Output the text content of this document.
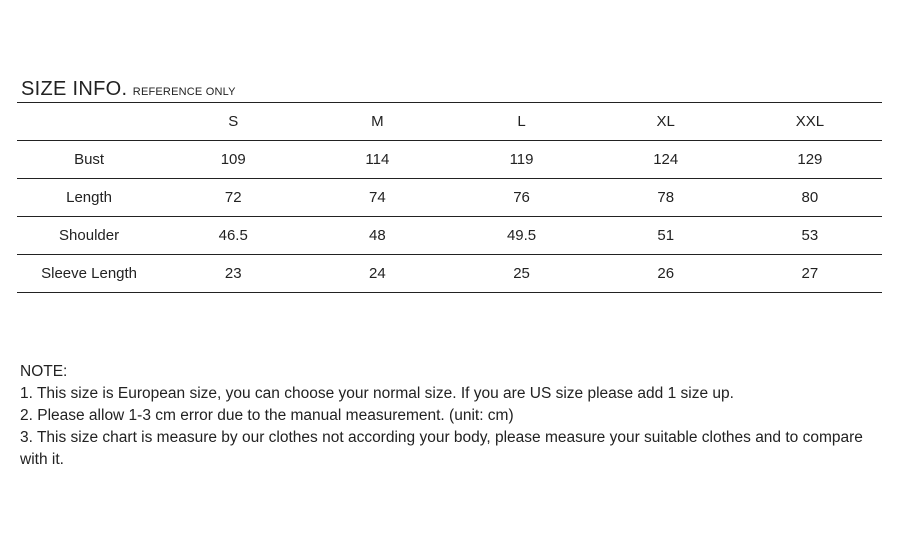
SIZE INFO. REFERENCE ONLY
	S	M	L	XL	XXL
Bust	109	114	119	124	129
Length	72	74	76	78	80
Shoulder	46.5	48	49.5	51	53
Sleeve Length	23	24	25	26	27

NOTE:

1. This size is European size, you can choose your normal size. If you are US size please add 1 size up.

2. Please allow 1-3 cm error due to the manual measurement. (unit: cm)

3. This size chart is measure by our clothes not according your body, please measure your suitable clothes and to compare with it.
